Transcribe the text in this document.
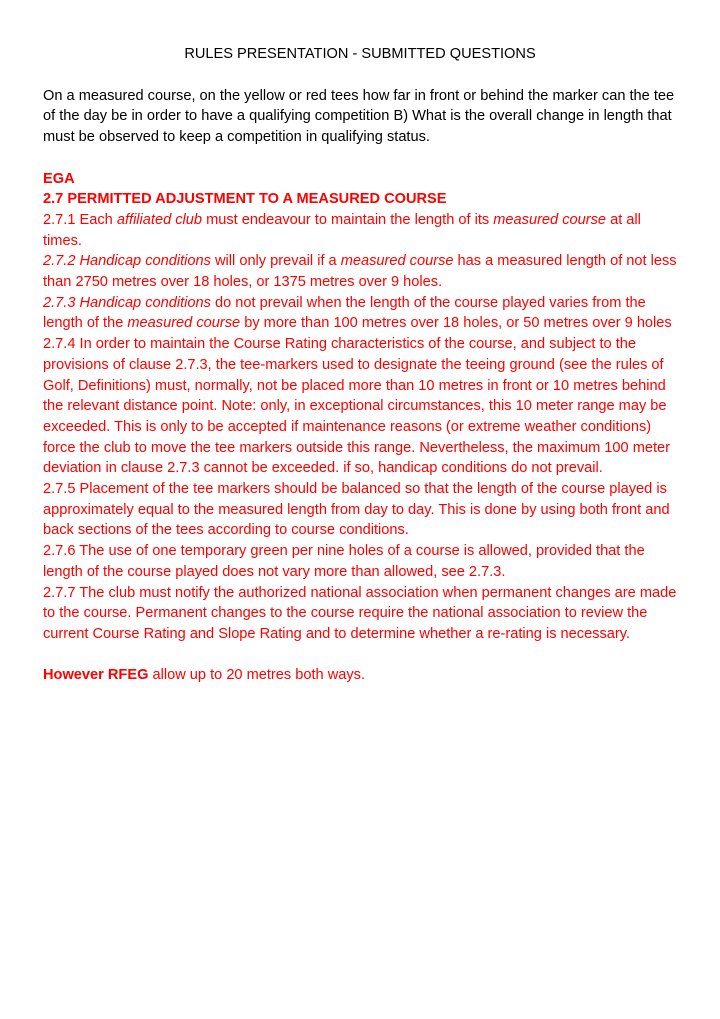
RULES PRESENTATION - SUBMITTED QUESTIONS

On a measured course, on the yellow or red tees how far in front or behind the marker can the tee of the day be in order to have a qualifying competition B) What is the overall change in length that must be observed to keep a competition in qualifying status.

EGA

2.7 PERMITTED ADJUSTMENT TO A MEASURED COURSE

2.7.1 Each affiliated club must endeavour to maintain the length of its measured course at all times.

2.7.2 Handicap conditions will only prevail if a measured course has a measured length of not less than 2750 metres over 18 holes, or 1375 metres over 9 holes.

2.7.3 Handicap conditions do not prevail when the length of the course played varies from the length of the measured course by more than 100 metres over 18 holes, or 50 metres over 9 holes

2.7.4 In order to maintain the Course Rating characteristics of the course, and subject to the provisions of clause 2.7.3, the tee-markers used to designate the teeing ground (see the rules of Golf, Definitions) must, normally, not be placed more than 10 metres in front or 10 metres behind the relevant distance point. Note: only, in exceptional circumstances, this 10 meter range may be exceeded. This is only to be accepted if maintenance reasons (or extreme weather conditions) force the club to move the tee markers outside this range. Nevertheless, the maximum 100 meter deviation in clause 2.7.3 cannot be exceeded. if so, handicap conditions do not prevail.

2.7.5 Placement of the tee markers should be balanced so that the length of the course played is approximately equal to the measured length from day to day. This is done by using both front and back sections of the tees according to course conditions.

2.7.6 The use of one temporary green per nine holes of a course is allowed, provided that the length of the course played does not vary more than allowed, see 2.7.3.

2.7.7 The club must notify the authorized national association when permanent changes are made to the course. Permanent changes to the course require the national association to review the current Course Rating and Slope Rating and to determine whether a re-rating is necessary.

However RFEG allow up to 20 metres both ways.
